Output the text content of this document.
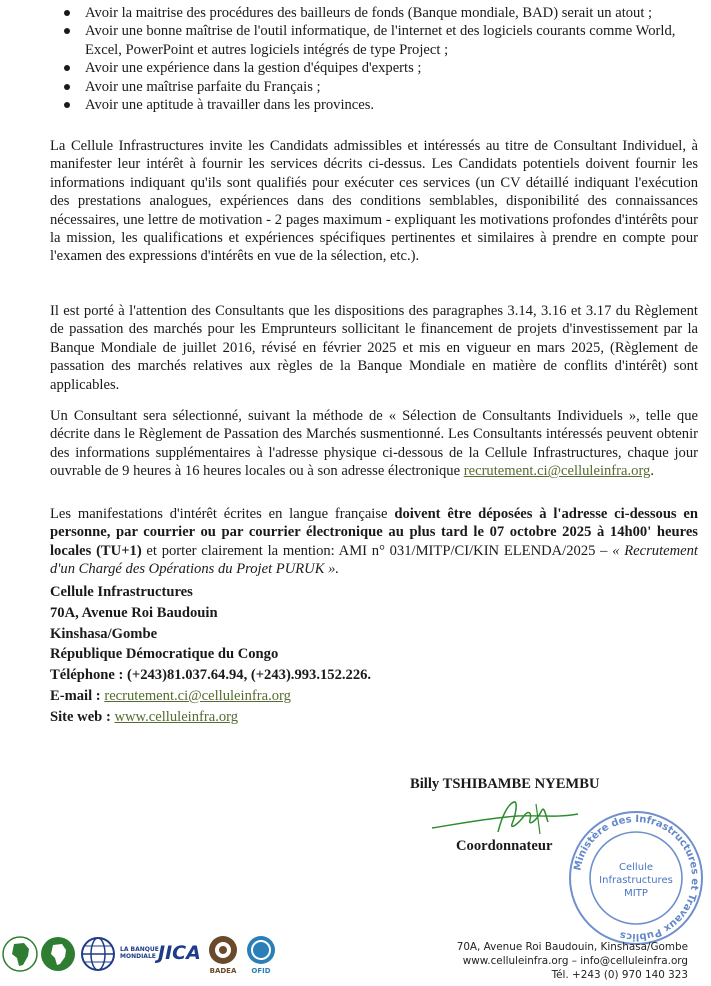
Avoir la maitrise des procédures des bailleurs de fonds (Banque mondiale, BAD) serait un atout ;
Avoir une bonne maîtrise de l'outil informatique, de l'internet et des logiciels courants comme World, Excel, PowerPoint et autres logiciels intégrés de type Project ;
Avoir une expérience dans la gestion d'équipes d'experts ;
Avoir une maîtrise parfaite du Français ;
Avoir une aptitude à travailler dans les provinces.

La Cellule Infrastructures invite les Candidats admissibles et intéressés au titre de Consultant Individuel, à manifester leur intérêt à fournir les services décrits ci-dessus. Les Candidats potentiels doivent fournir les informations indiquant qu'ils sont qualifiés pour exécuter ces services (un CV détaillé indiquant l'exécution des prestations analogues, expériences dans des conditions semblables, disponibilité des connaissances nécessaires, une lettre de motivation - 2 pages maximum - expliquant les motivations profondes d'intérêts pour la mission, les qualifications et expériences spécifiques pertinentes et similaires à prendre en compte pour l'examen des expressions d'intérêts en vue de la sélection, etc.).

Il est porté à l'attention des Consultants que les dispositions des paragraphes 3.14, 3.16 et 3.17 du Règlement de passation des marchés pour les Emprunteurs sollicitant le financement de projets d'investissement par la Banque Mondiale de juillet 2016, révisé en février 2025 et mis en vigueur en mars 2025, (Règlement de passation des marchés relatives aux règles de la Banque Mondiale en matière de conflits d'intérêt) sont applicables.

Un Consultant sera sélectionné, suivant la méthode de « Sélection de Consultants Individuels », telle que décrite dans le Règlement de Passation des Marchés susmentionné. Les Consultants intéressés peuvent obtenir des informations supplémentaires à l'adresse physique ci-dessous de la Cellule Infrastructures, chaque jour ouvrable de 9 heures à 16 heures locales ou à son adresse électronique recrutement.ci@celluleinfra.org.

Les manifestations d'intérêt écrites en langue française doivent être déposées à l'adresse ci-dessous en personne, par courrier ou par courrier électronique au plus tard le 07 octobre 2025 à 14h00' heures locales (TU+1) et porter clairement la mention: AMI n° 031/MITP/CI/KIN ELENDA/2025 – « Recrutement d'un Chargé des Opérations du Projet PURUK ».

Cellule Infrastructures
70A, Avenue Roi Baudouin
Kinshasa/Gombe
République Démocratique du Congo
Téléphone : (+243)81.037.64.94, (+243).993.152.226.
E-mail : recrutement.ci@celluleinfra.org
Site web : www.celluleinfra.org
Billy TSHIBAMBE NYEMBU
Coordonnateur
Ministère des Infrastructures et Travaux Publics
Cellule
Infrastructures
MITP
LA BANQUE
MONDIALE JICA
BADEA OFID
70A, Avenue Roi Baudouin, Kinshasa/Gombe
www.celluleinfra.org – info@celluleinfra.org
Tél. +243 (0) 970 140 323
